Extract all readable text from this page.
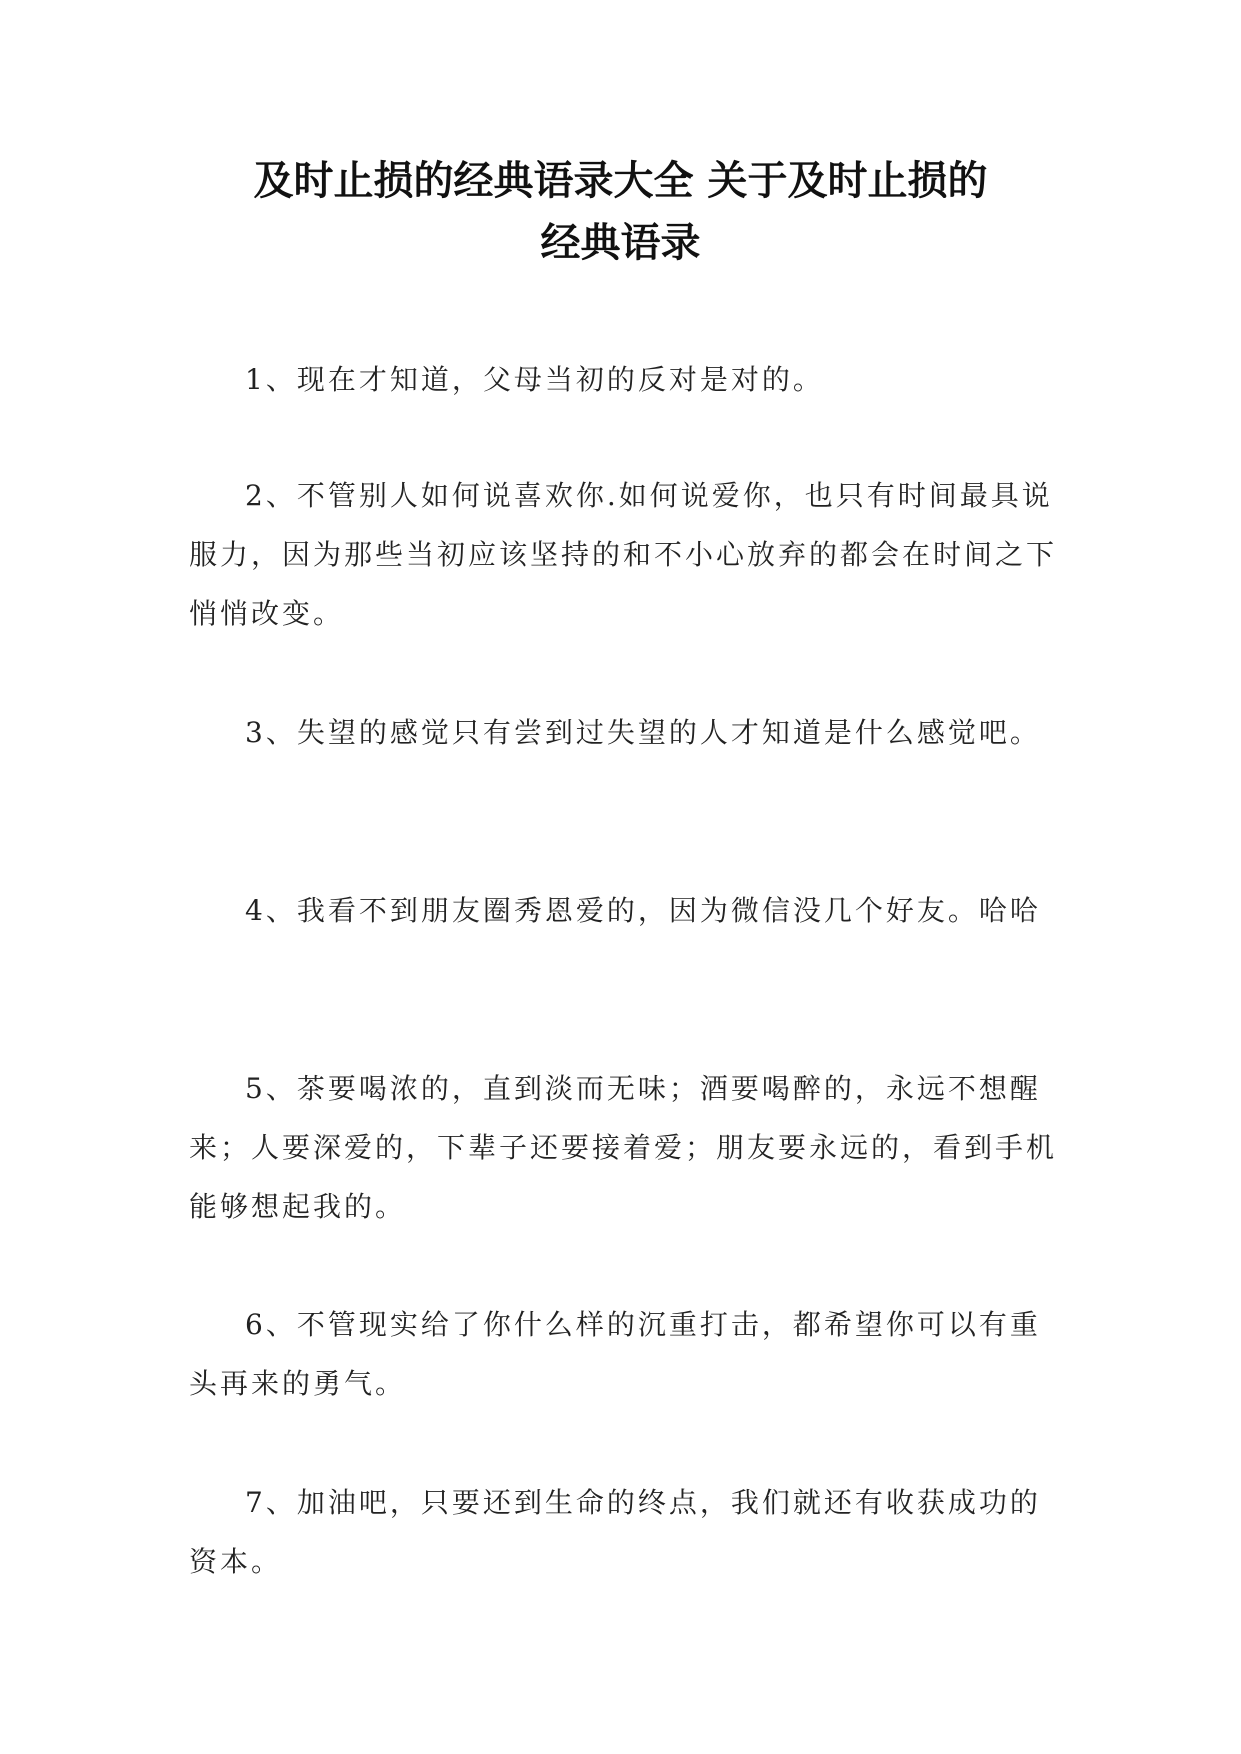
及时止损的经典语录大全 关于及时止损的
经典语录

1、现在才知道，父母当初的反对是对的。

2、不管别人如何说喜欢你.如何说爱你，也只有时间最具说服力，因为那些当初应该坚持的和不小心放弃的都会在时间之下悄悄改变。

3、失望的感觉只有尝到过失望的人才知道是什么感觉吧。

4、我看不到朋友圈秀恩爱的，因为微信没几个好友。哈哈

5、茶要喝浓的，直到淡而无味；酒要喝醉的，永远不想醒来；人要深爱的，下辈子还要接着爱；朋友要永远的，看到手机能够想起我的。

6、不管现实给了你什么样的沉重打击，都希望你可以有重头再来的勇气。

7、加油吧，只要还到生命的终点，我们就还有收获成功的资本。
